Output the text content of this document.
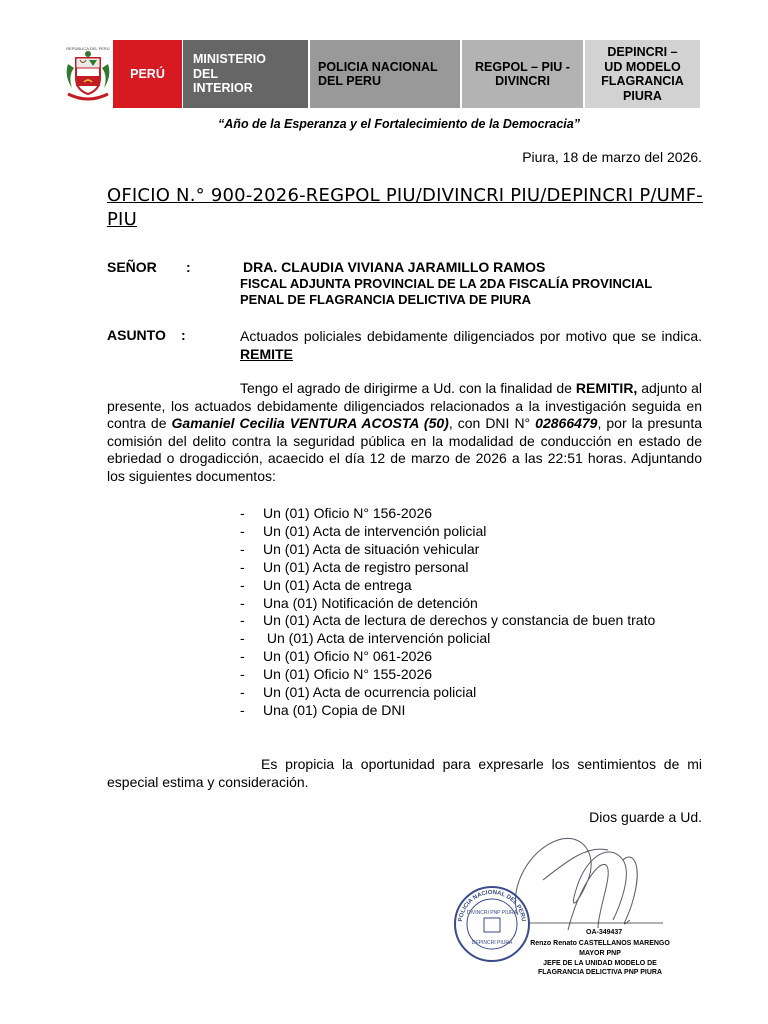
REPÚBLICA DEL PERÚ
PERÚ
MINISTERIO
DEL
INTERIOR
POLICIA NACIONAL
DEL PERU
REGPOL – PIU -
DIVINCRI
DEPINCRI –
UD MODELO
FLAGRANCIA
PIURA
“Año de la Esperanza y el Fortalecimiento de la Democracia”
Piura, 18 de marzo del 2026.
OFICIO N.° 900-2026-REGPOL PIU/DIVINCRI PIU/DEPINCRI P/UMF-PIU
SEÑOR :	DRA. CLAUDIA VIVIANA JARAMILLO RAMOS
FISCAL ADJUNTA PROVINCIAL DE LA 2DA FISCALÍA PROVINCIAL
PENAL DE FLAGRANCIA DELICTIVA DE PIURA
ASUNTO :	Actuados policiales debidamente diligenciados por motivo que se indica. REMITE
Tengo el agrado de dirigirme a Ud. con la finalidad de REMITIR, adjunto al presente, los actuados debidamente diligenciados relacionados a la investigación seguida en contra de Gamaniel Cecilia VENTURA ACOSTA (50), con DNI N° 02866479, por la presunta comisión del delito contra la seguridad pública en la modalidad de conducción en estado de ebriedad o drogadicción, acaecido el día 12 de marzo de 2026 a las 22:51 horas. Adjuntando los siguientes documentos:
- Un (01) Oficio N° 156-2026
- Un (01) Acta de intervención policial
- Un (01) Acta de situación vehicular
- Un (01) Acta de registro personal
- Un (01) Acta de entrega
- Una (01) Notificación de detención
- Un (01) Acta de lectura de derechos y constancia de buen trato
-  Un (01) Acta de intervención policial
- Un (01) Oficio N° 061-2026
- Un (01) Oficio N° 155-2026
- Un (01) Acta de ocurrencia policial
- Una (01) Copia de DNI
Es propicia la oportunidad para expresarle los sentimientos de mi especial estima y consideración.
Dios guarde a Ud.
POLICIA NACIONAL DEL PERU
DIVINCRI PNP PIURA
DEPINCRI PIURA
OA-349437
Renzo Renato CASTELLANOS MARENGO
MAYOR PNP
JEFE DE LA UNIDAD MODELO DE
FLAGRANCIA DELICTIVA PNP PIURA
